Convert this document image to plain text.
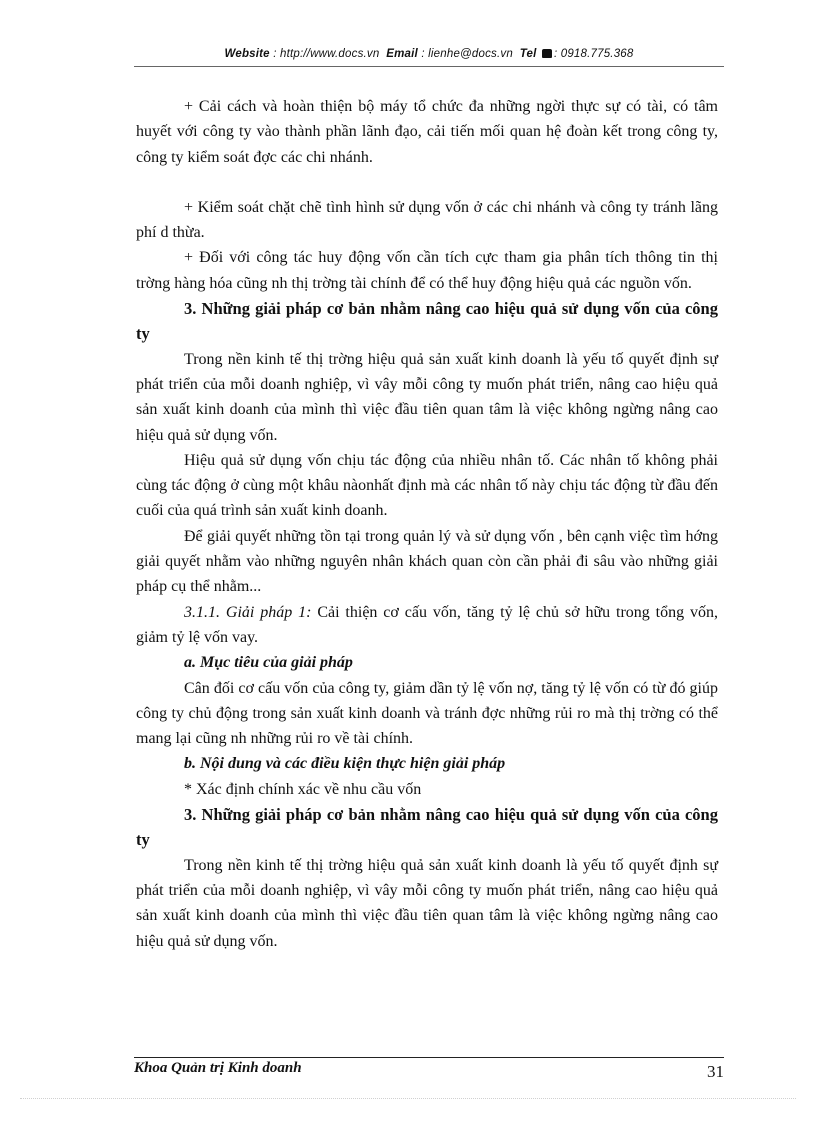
Website : http://www.docs.vn Email : lienhe@docs.vn Tel : 0918.775.368

+ Cải cách và hoàn thiện bộ máy tổ chức đa những ngời thực sự có tài, có tâm huyết với công ty vào thành phần lãnh đạo, cải tiến mối quan hệ đoàn kết trong công ty, công ty kiểm soát đợc các chi nhánh.

+ Kiểm soát chặt chẽ tình hình sử dụng vốn ở các chi nhánh và công ty tránh lãng phí d thừa.

+ Đối với công tác huy động vốn cần tích cực tham gia phân tích thông tin thị trờng hàng hóa cũng nh thị trờng tài chính để có thể huy động hiệu quả các nguồn vốn.

3. Những giải pháp cơ bản nhằm nâng cao hiệu quả sử dụng vốn của công ty

Trong nền kinh tế thị trờng hiệu quả sản xuất kinh doanh là yếu tố quyết định sự phát triển của mỗi doanh nghiệp, vì vây mỗi công ty muốn phát triển, nâng cao hiệu quả sản xuất kinh doanh của mình thì việc đầu tiên quan tâm là việc không ngừng nâng cao hiệu quả sử dụng vốn.

Hiệu quả sử dụng vốn chịu tác động của nhiều nhân tố. Các nhân tố không phải cùng tác động ở cùng một khâu nàonhất định mà các nhân tố này chịu tác động từ đầu đến cuối của quá trình sản xuất kinh doanh.

Để giải quyết những tồn tại trong quản lý và sử dụng vốn , bên cạnh việc tìm hớng giải quyết nhằm vào những nguyên nhân khách quan còn cần phải đi sâu vào những giải pháp cụ thể nhằm...

3.1.1. Giải pháp 1: Cải thiện cơ cấu vốn, tăng tỷ lệ chủ sở hữu trong tổng vốn, giảm tỷ lệ vốn vay.

a. Mục tiêu của giải pháp

Cân đối cơ cấu vốn của công ty, giảm dần tỷ lệ vốn nợ, tăng tỷ lệ vốn có từ đó giúp công ty chủ động trong sản xuất kinh doanh và tránh đợc những rủi ro mà thị trờng có thể mang lại cũng nh những rủi ro về tài chính.

b. Nội dung và các điều kiện thực hiện giải pháp

* Xác định chính xác về nhu cầu vốn

3. Những giải pháp cơ bản nhằm nâng cao hiệu quả sử dụng vốn của công ty

Trong nền kinh tế thị trờng hiệu quả sản xuất kinh doanh là yếu tố quyết định sự phát triển của mỗi doanh nghiệp, vì vây mỗi công ty muốn phát triển, nâng cao hiệu quả sản xuất kinh doanh của mình thì việc đầu tiên quan tâm là việc không ngừng nâng cao hiệu quả sử dụng vốn.

Khoa Quản trị Kinh doanh	31
